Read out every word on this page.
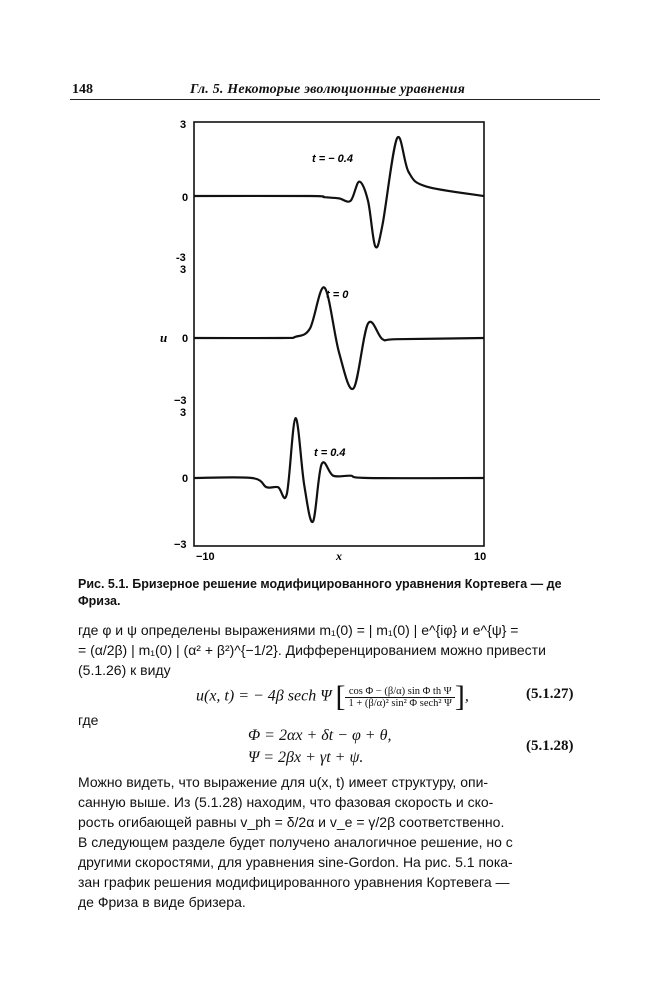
148	Гл. 5. Некоторые эволюционные уравнения
3
0
-3
3
0
−3
3
0
−3
u
−10	x	10
t = − 0.4
t = 0
t = 0.4
Рис. 5.1. Бризерное решение модифицированного уравнения Кортевега — де Фриза.
где φ и ψ определены выражениями m₁(0) = | m₁(0) | e^{iφ} и e^{ψ} =
= (α/2β) | m₁(0) | (α² + β²)^{−1/2}. Дифференцированием можно привести
(5.1.26) к виду
u(x, t) = − 4β sech Ψ [ $\frac{\text{cos Φ − (β/α) sin Φ th Ψ}}{\text{1 + (β/α)² sin² Φ sech² Ψ}}$ ],	(5.1.27)
где
Φ = 2αx + δt − φ + θ,
Ψ = 2βx + γt + ψ.
(5.1.28)
Можно видеть, что выражение для u(x, t) имеет структуру, опи-
санную выше. Из (5.1.28) находим, что фазовая скорость и ско-
рость огибающей равны v_ph = δ/2α и v_e = γ/2β соответственно.
В следующем разделе будет получено аналогичное решение, но с
другими скоростями, для уравнения sine-Gordon. На рис. 5.1 пока-
зан график решения модифицированного уравнения Кортевега —
де Фриза в виде бризера.
